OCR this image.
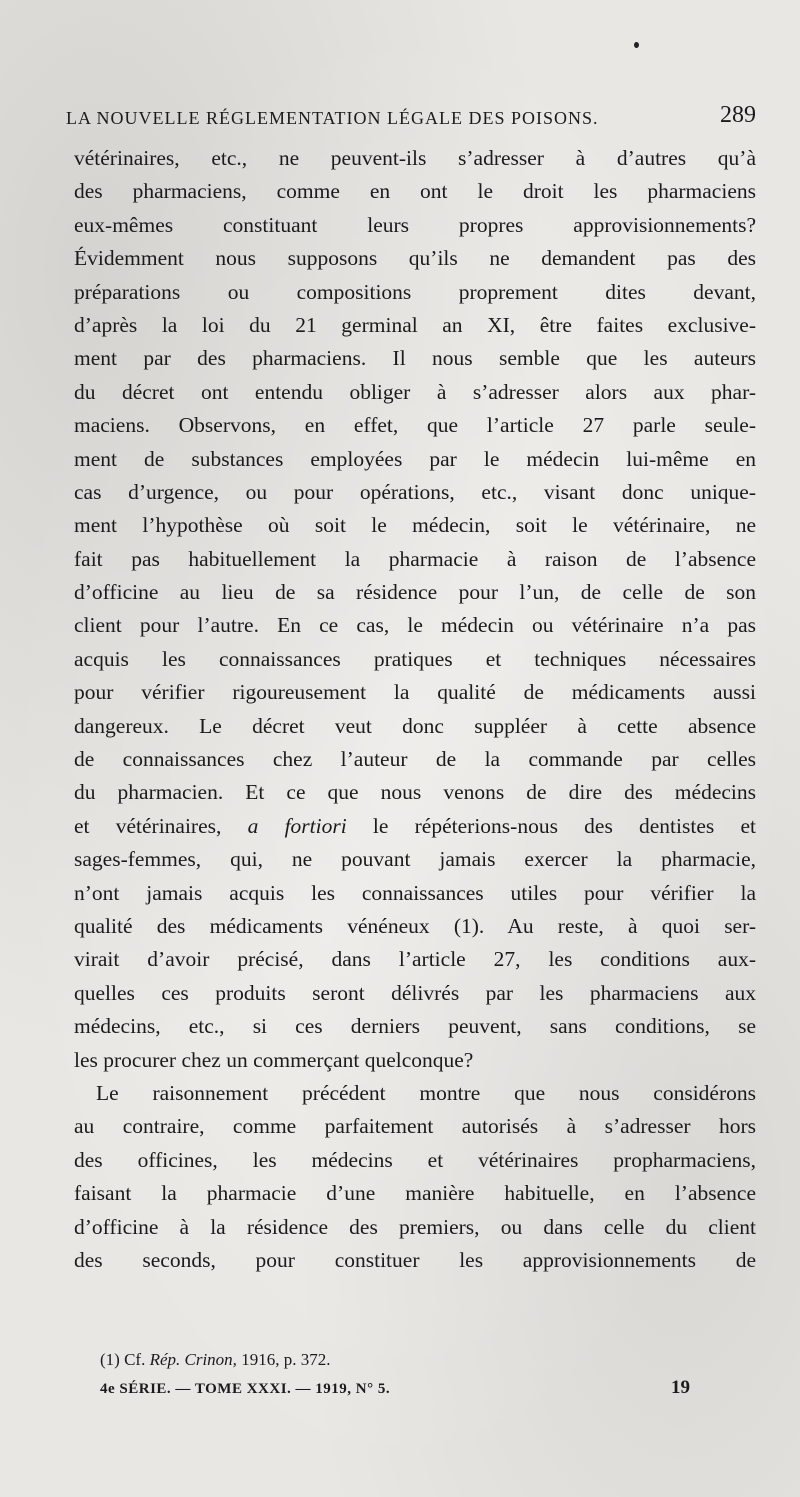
LA NOUVELLE RÉGLEMENTATION LÉGALE DES POISONS.	289
vétérinaires, etc., ne peuvent-ils s’adresser à d’autres qu’à
des pharmaciens, comme en ont le droit les pharmaciens
eux-mêmes constituant leurs propres approvisionnements?
Évidemment nous supposons qu’ils ne demandent pas des
préparations ou compositions proprement dites devant,
d’après la loi du 21 germinal an XI, être faites exclusive-
ment par des pharmaciens. Il nous semble que les auteurs
du décret ont entendu obliger à s’adresser alors aux phar-
maciens. Observons, en effet, que l’article 27 parle seule-
ment de substances employées par le médecin lui-même en
cas d’urgence, ou pour opérations, etc., visant donc unique-
ment l’hypothèse où soit le médecin, soit le vétérinaire, ne
fait pas habituellement la pharmacie à raison de l’absence
d’officine au lieu de sa résidence pour l’un, de celle de son
client pour l’autre. En ce cas, le médecin ou vétérinaire n’a pas
acquis les connaissances pratiques et techniques nécessaires
pour vérifier rigoureusement la qualité de médicaments aussi
dangereux. Le décret veut donc suppléer à cette absence
de connaissances chez l’auteur de la commande par celles
du pharmacien. Et ce que nous venons de dire des médecins
et vétérinaires, a fortiori le répéterions-nous des dentistes et
sages-femmes, qui, ne pouvant jamais exercer la pharmacie,
n’ont jamais acquis les connaissances utiles pour vérifier la
qualité des médicaments vénéneux (1). Au reste, à quoi ser-
virait d’avoir précisé, dans l’article 27, les conditions aux-
quelles ces produits seront délivrés par les pharmaciens aux
médecins, etc., si ces derniers peuvent, sans conditions, se
les procurer chez un commerçant quelconque?
Le raisonnement précédent montre que nous considérons
au contraire, comme parfaitement autorisés à s’adresser hors
des officines, les médecins et vétérinaires propharmaciens,
faisant la pharmacie d’une manière habituelle, en l’absence
d’officine à la résidence des premiers, ou dans celle du client
des seconds, pour constituer les approvisionnements de
(1) Cf. Rép. Crinon, 1916, p. 372.
4e SÉRIE. — TOME XXXI. — 1919, N° 5.	19
